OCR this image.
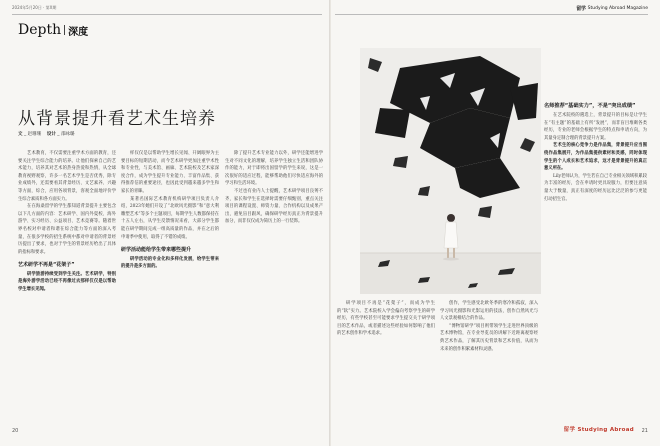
2024年5月20日 · 第X期
Depth 深度
从背景提升看艺术生培养
文 _ 赵珊珊 设计 _ 邵咏璐

艺术教育，不仅需要注重学术方面的教育，还要关注学生综合能力的培养。让他们探索自己的艺术能力，培养其对艺术的热身热爱和热情，从全球教育视野观察，许多一名艺术学生是否优秀，除专业成绩外，还需要看其背景经历、文艺素养、兴趣等方面，综合，应用各项背景，客观全面地评价学生综合素质和各方面实力。

在在海桑留学的学生都知道背景提升主要包含以下几方面的内容：艺术研学、国内外夏校、海外游学、实习经历、公益项目、艺术竞赛等。随着世界名校对申请者和谐在综合能力等方面的深入考量，在很多学校的招生系统中都对申请者的背景经历提出了要求，也对于学生的背景经历给出了具体的指标和要求。

艺术研学不再是“花架子”

研学旅游持续受到学生关注。艺术研学，特别是海外游学活动已经不再像过去那样仅仅是以帮助学生增长见闻。

样仅仅是以帮助学生增长见闻、开阔眼界为主要目标的短期活动，而今艺术研学更加注重学术性和专业性，与美术馆、画廊、艺术院校及艺术家深度合作，成为学生提升专业能力、丰富作品集、获得推荐信的重要途径，也因此受到越来越多学生和家长的青睐。

某著名国际艺术教育机构研学项目负责人介绍，2023年她们开设了“北欧风光摄影”和“意大利雕塑艺术”等多个主题项目，每期学生人数都保持在十五人左右，从学生反馈情况来看，大部分学生都能在研学期间完成一组高质量的作品，并在之后的申请季中使用，取得了不错的成绩。

研学活动能给学生带来哪些提升

研学活动的专业化和多样化发展，给学生带来的提升是多方面的。

除了提升艺术专业能力以外，研学还能增进学生对不同文化的理解，培养学生独立生活和团队协作的能力，对于即将出国留学的学生来说，这是一次很好的适应过程，能够帮助他们尽快适应海外的学习和生活环境。

不过也有业内人士提醒，艺术研学项目良莠不齐，家长和学生在选择时需要仔细甄别，重点关注项目的课程设置、师资力量、合作机构以及成果产出，避免盲目跟风，确保研学经历真正为背景提升加分，而非仅仅成为简历上的一行装饰。

20
留学 Studying Abroad Magazine

研学项目不再是“花架子”，而成为学生的“软”实力。艺术院校入学会偏向考察学生的研学经历，有些学校甚至可能要求学生提交关于研学项目的艺术作品，或者描述这些经验如何影响了他们的艺术创作和学术追求。

创作，学生感受北欧冬季的寒冷和孤寂，深入学习风光摄影和光影运用的技法，创作自然风光与人文景观相结合的作品。

“博物馆研学”项目则带领学生走进世界顶级的艺术博物馆，在专业导览员的讲解下近距离观察经典艺术作品，了解其历史背景和艺术价值，从而为未来的创作积累素材和灵感。

名师推荐“基础实力”，不是“突出成绩”

在艺术院校的遴选上，背景提升的目标是让学生在“有主题”的基础上有所“发展”，而非盲目堆砌各类经历，专业的老师会根据学生的特点和申请方向，为其量身定制合理的背景提升方案。

艺术生的核心竞争力是作品集，背景提升应当围绕作品集展开，为作品集提供素材和灵感，同时体现学生的个人成长和艺术追求，这才是背景提升的真正意义所在。

Lily老师认为，学生若在自己专业相关领域积累较为丰富的经历，会在申请时更具说服力，但要注意质量大于数量，真正有深度的经历远比泛泛的参与更能打动招生官。

留学 Studying Abroad 21
